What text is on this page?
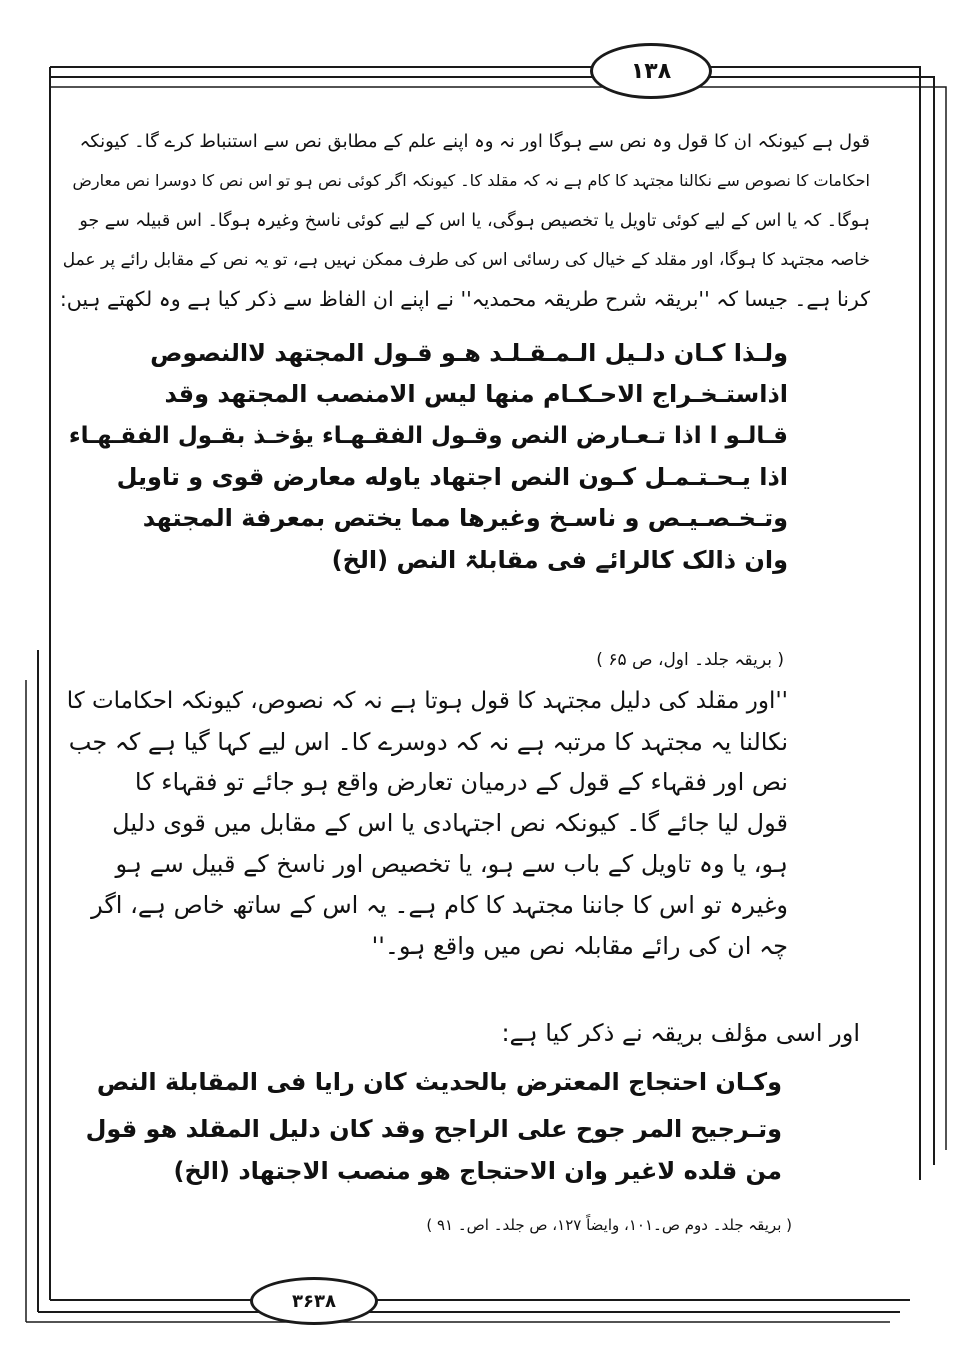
۱۳۸

قول ہے کیونکہ ان کا قول وہ نص سے ہوگا اور نہ وہ اپنے علم کے مطابق نص سے استنباط کرے گا۔ کیونکہ

احکامات کا نصوص سے نکالنا مجتہد کا کام ہے نہ کہ مقلد کا۔ کیونکہ اگر کوئی نص ہو تو اس نص کا دوسرا نص معارض

ہوگا۔ کہ یا اس کے لیے کوئی تاویل یا تخصیص ہوگی، یا اس کے لیے کوئی ناسخ وغیرہ ہوگا۔ اس قبیلہ سے جو

خاصہ مجتہد کا ہوگا، اور مقلد کے خیال کی رسائی اس کی طرف ممکن نہیں ہے، تو یہ نص کے مقابل رائے پر عمل

کرنا ہے۔ جیسا کہ ''بریقہ شرح طریقہ محمدیہ'' نے اپنے ان الفاظ سے ذکر کیا ہے وہ لکھتے ہیں:

ولـذا كـان دلـيل الـمـقـلـد هـو قـول المجتهد لاالنصوص

اذاستـخـراج الاحـكـام منها ليس الامنصب المجتهد وقد

قـالـو ا اذا تـعـارض النص وقـول الفقـهـاء يؤخـذ بقـول الفقـهـاء

اذا يـحـتـمـل كـون النص اجتهاد ياوله معارض قوى و تاويل

وتـخـصـيـص و ناسـخ وغيرها مما يختص بمعرفة المجتهد

وان ذالک کالرائے فی مقابلۃ النص (الخ)

( بریقہ جلد۔ اول، ص ۶۵ )

''اور مقلد کی دلیل مجتہد کا قول ہوتا ہے نہ کہ نصوص، کیونکہ احکامات کا

نکالنا یہ مجتہد کا مرتبہ ہے نہ کہ دوسرے کا۔ اس لیے کہا گیا ہے کہ جب

نص اور فقہاء کے قول کے درمیان تعارض واقع ہو جائے تو فقہاء کا

قول لیا جائے گا۔ کیونکہ نص اجتہادی یا اس کے مقابل میں قوی دلیل

ہو، یا وہ تاویل کے باب سے ہو، یا تخصیص اور ناسخ کے قبیل سے ہو

وغیرہ تو اس کا جاننا مجتہد کا کام ہے۔ یہ اس کے ساتھ خاص ہے، اگر

چہ ان کی رائے مقابلہ نص میں واقع ہو۔''

اور اسی مؤلف بریقہ نے ذکر کیا ہے:

وكـان احتجاج المعترض بالحديث كان رايا فى المقابلة النص

وتـرجيح المر جوح على الراجح وقد كان دليل المقلد هو قول

من قلده لاغير وان الاحتجاج هو منصب الاجتهاد (الخ)

( بریقہ جلد۔ دوم ص۔۱۰۱، وایضاً ۱۲۷، ص جلد۔ اص۔ ۹۱ )

۳۶۳۸
